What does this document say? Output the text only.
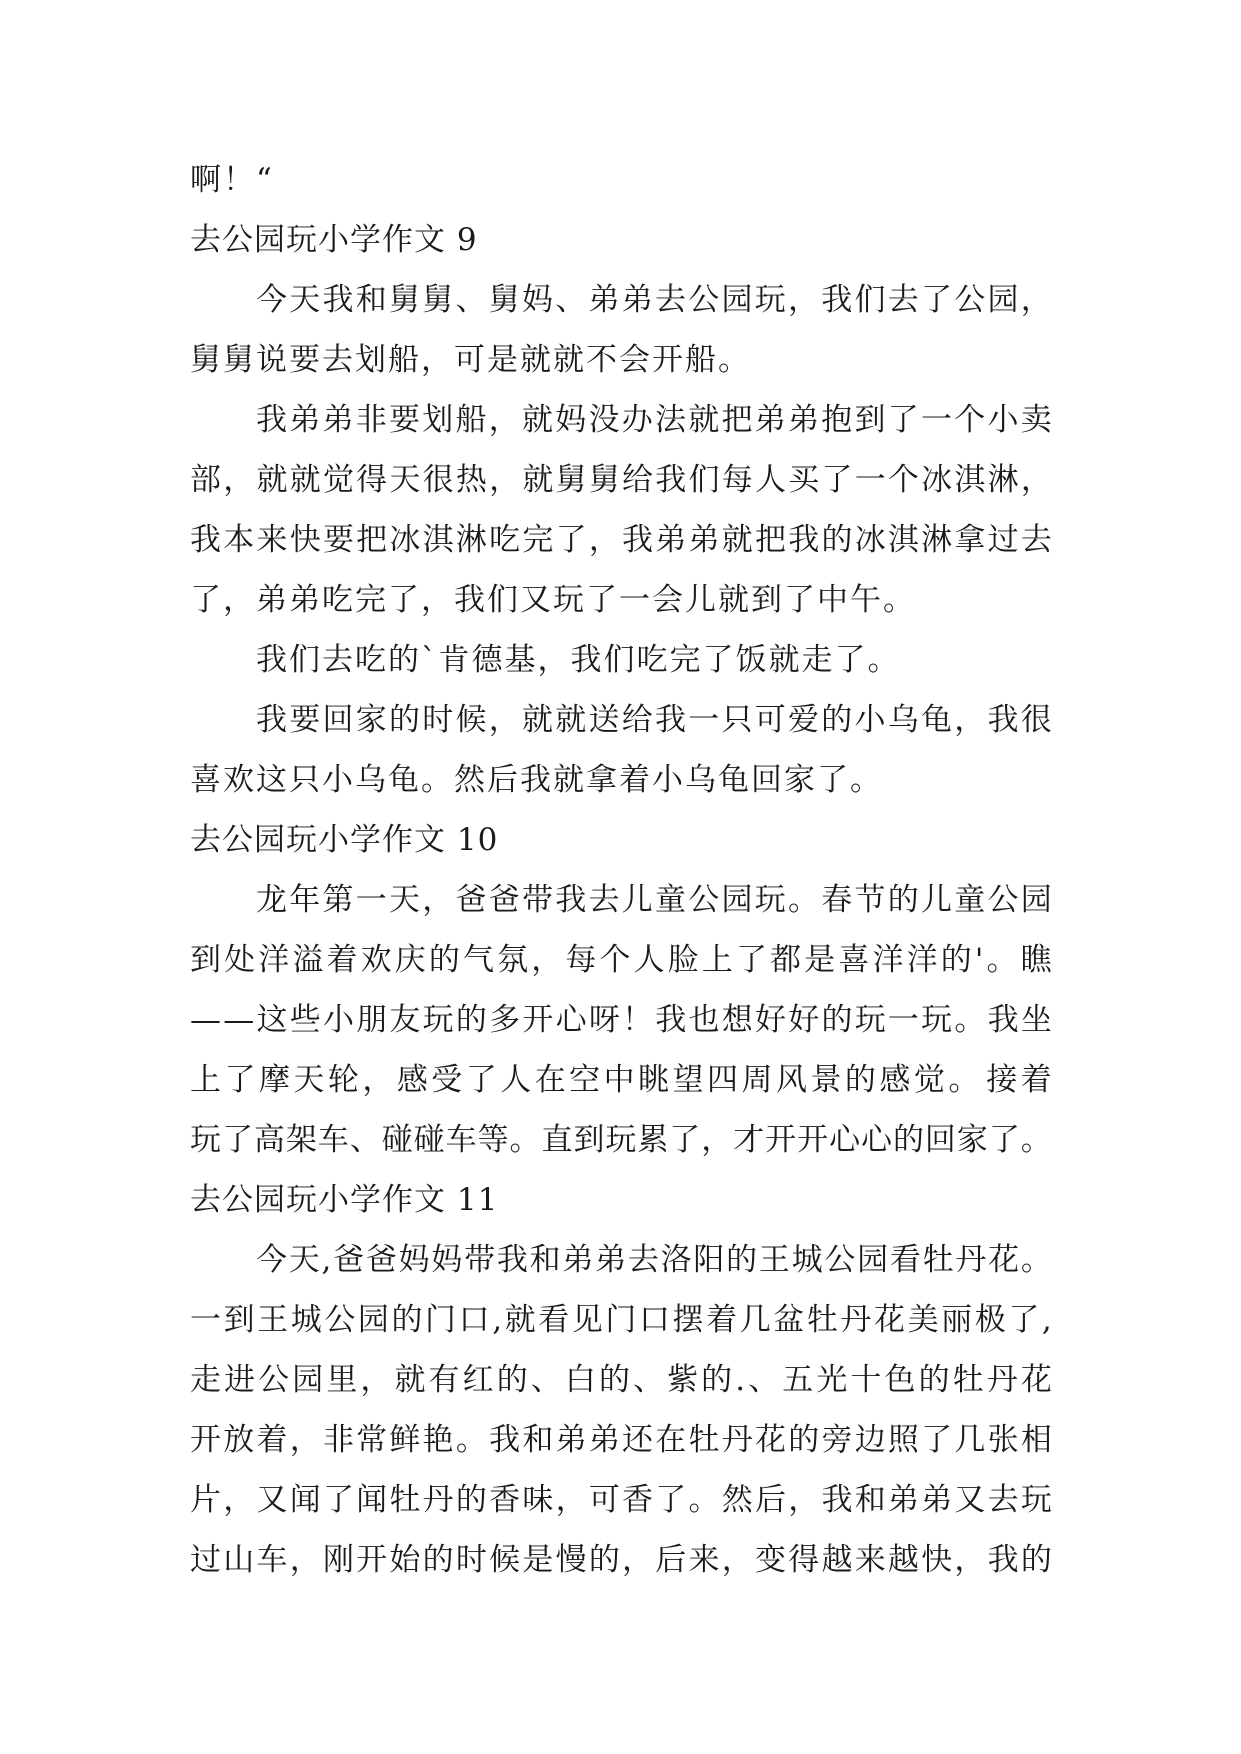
啊！“
去公园玩小学作文 9
今 天 我 和 舅 舅 、 舅 妈 、 弟 弟 去 公 园 玩 ， 我 们 去 了 公 园 ，
舅舅说要去划船，可是就就不会开船。
我 弟 弟 非 要 划 船 ， 就 妈 没 办 法 就 把 弟 弟 抱 到 了 一 个 小 卖
部 ， 就 就 觉 得 天 很 热 ， 就 舅 舅 给 我 们 每 人 买 了 一 个 冰 淇 淋 ，
我 本 来 快 要 把 冰 淇 淋 吃 完 了 ， 我 弟 弟 就 把 我 的 冰 淇 淋 拿 过 去
了，弟弟吃完了，我们又玩了一会儿就到了中午。
我们去吃的`肯德基，我们吃完了饭就走了。
我 要 回 家 的 时 候 ， 就 就 送 给 我 一 只 可 爱 的 小 乌 龟 ， 我 很
喜欢这只小乌龟。然后我就拿着小乌龟回家了。
去公园玩小学作文 10
龙 年 第 一 天 ， 爸 爸 带 我 去 儿 童 公 园 玩 。 春 节 的 儿 童 公 园
到 处 洋 溢 着 欢 庆 的 气 氛 ， 每 个 人 脸 上 了 都 是 喜 洋 洋 的 ' 。 瞧
— — 这 些 小 朋 友 玩 的 多 开 心 呀 ！ 我 也 想 好 好 的 玩 一 玩 。 我 坐
上 了 摩 天 轮 ， 感 受 了 人 在 空 中 眺 望 四 周 风 景 的 感 觉 。 接 着
玩 了 高 架 车 、 碰 碰 车 等 。 直 到 玩 累 了 ， 才 开 开 心 心 的 回 家 了 。
去公园玩小学作文 11
今 天 , 爸 爸 妈 妈 带 我 和 弟 弟 去 洛 阳 的 王 城 公 园 看 牡 丹 花 。
一 到 王 城 公 园 的 门 口 , 就 看 见 门 口 摆 着 几 盆 牡 丹 花 美 丽 极 了 ,
走 进 公 园 里 ， 就 有 红 的 、 白 的 、 紫 的 . 、 五 光 十 色 的 牡 丹 花
开 放 着 ， 非 常 鲜 艳 。 我 和 弟 弟 还 在 牡 丹 花 的 旁 边 照 了 几 张 相
片 ， 又 闻 了 闻 牡 丹 的 香 味 ， 可 香 了 。 然 后 ， 我 和 弟 弟 又 去 玩
过 山 车 ， 刚 开 始 的 时 候 是 慢 的 ， 后 来 ， 变 得 越 来 越 快 ， 我 的
